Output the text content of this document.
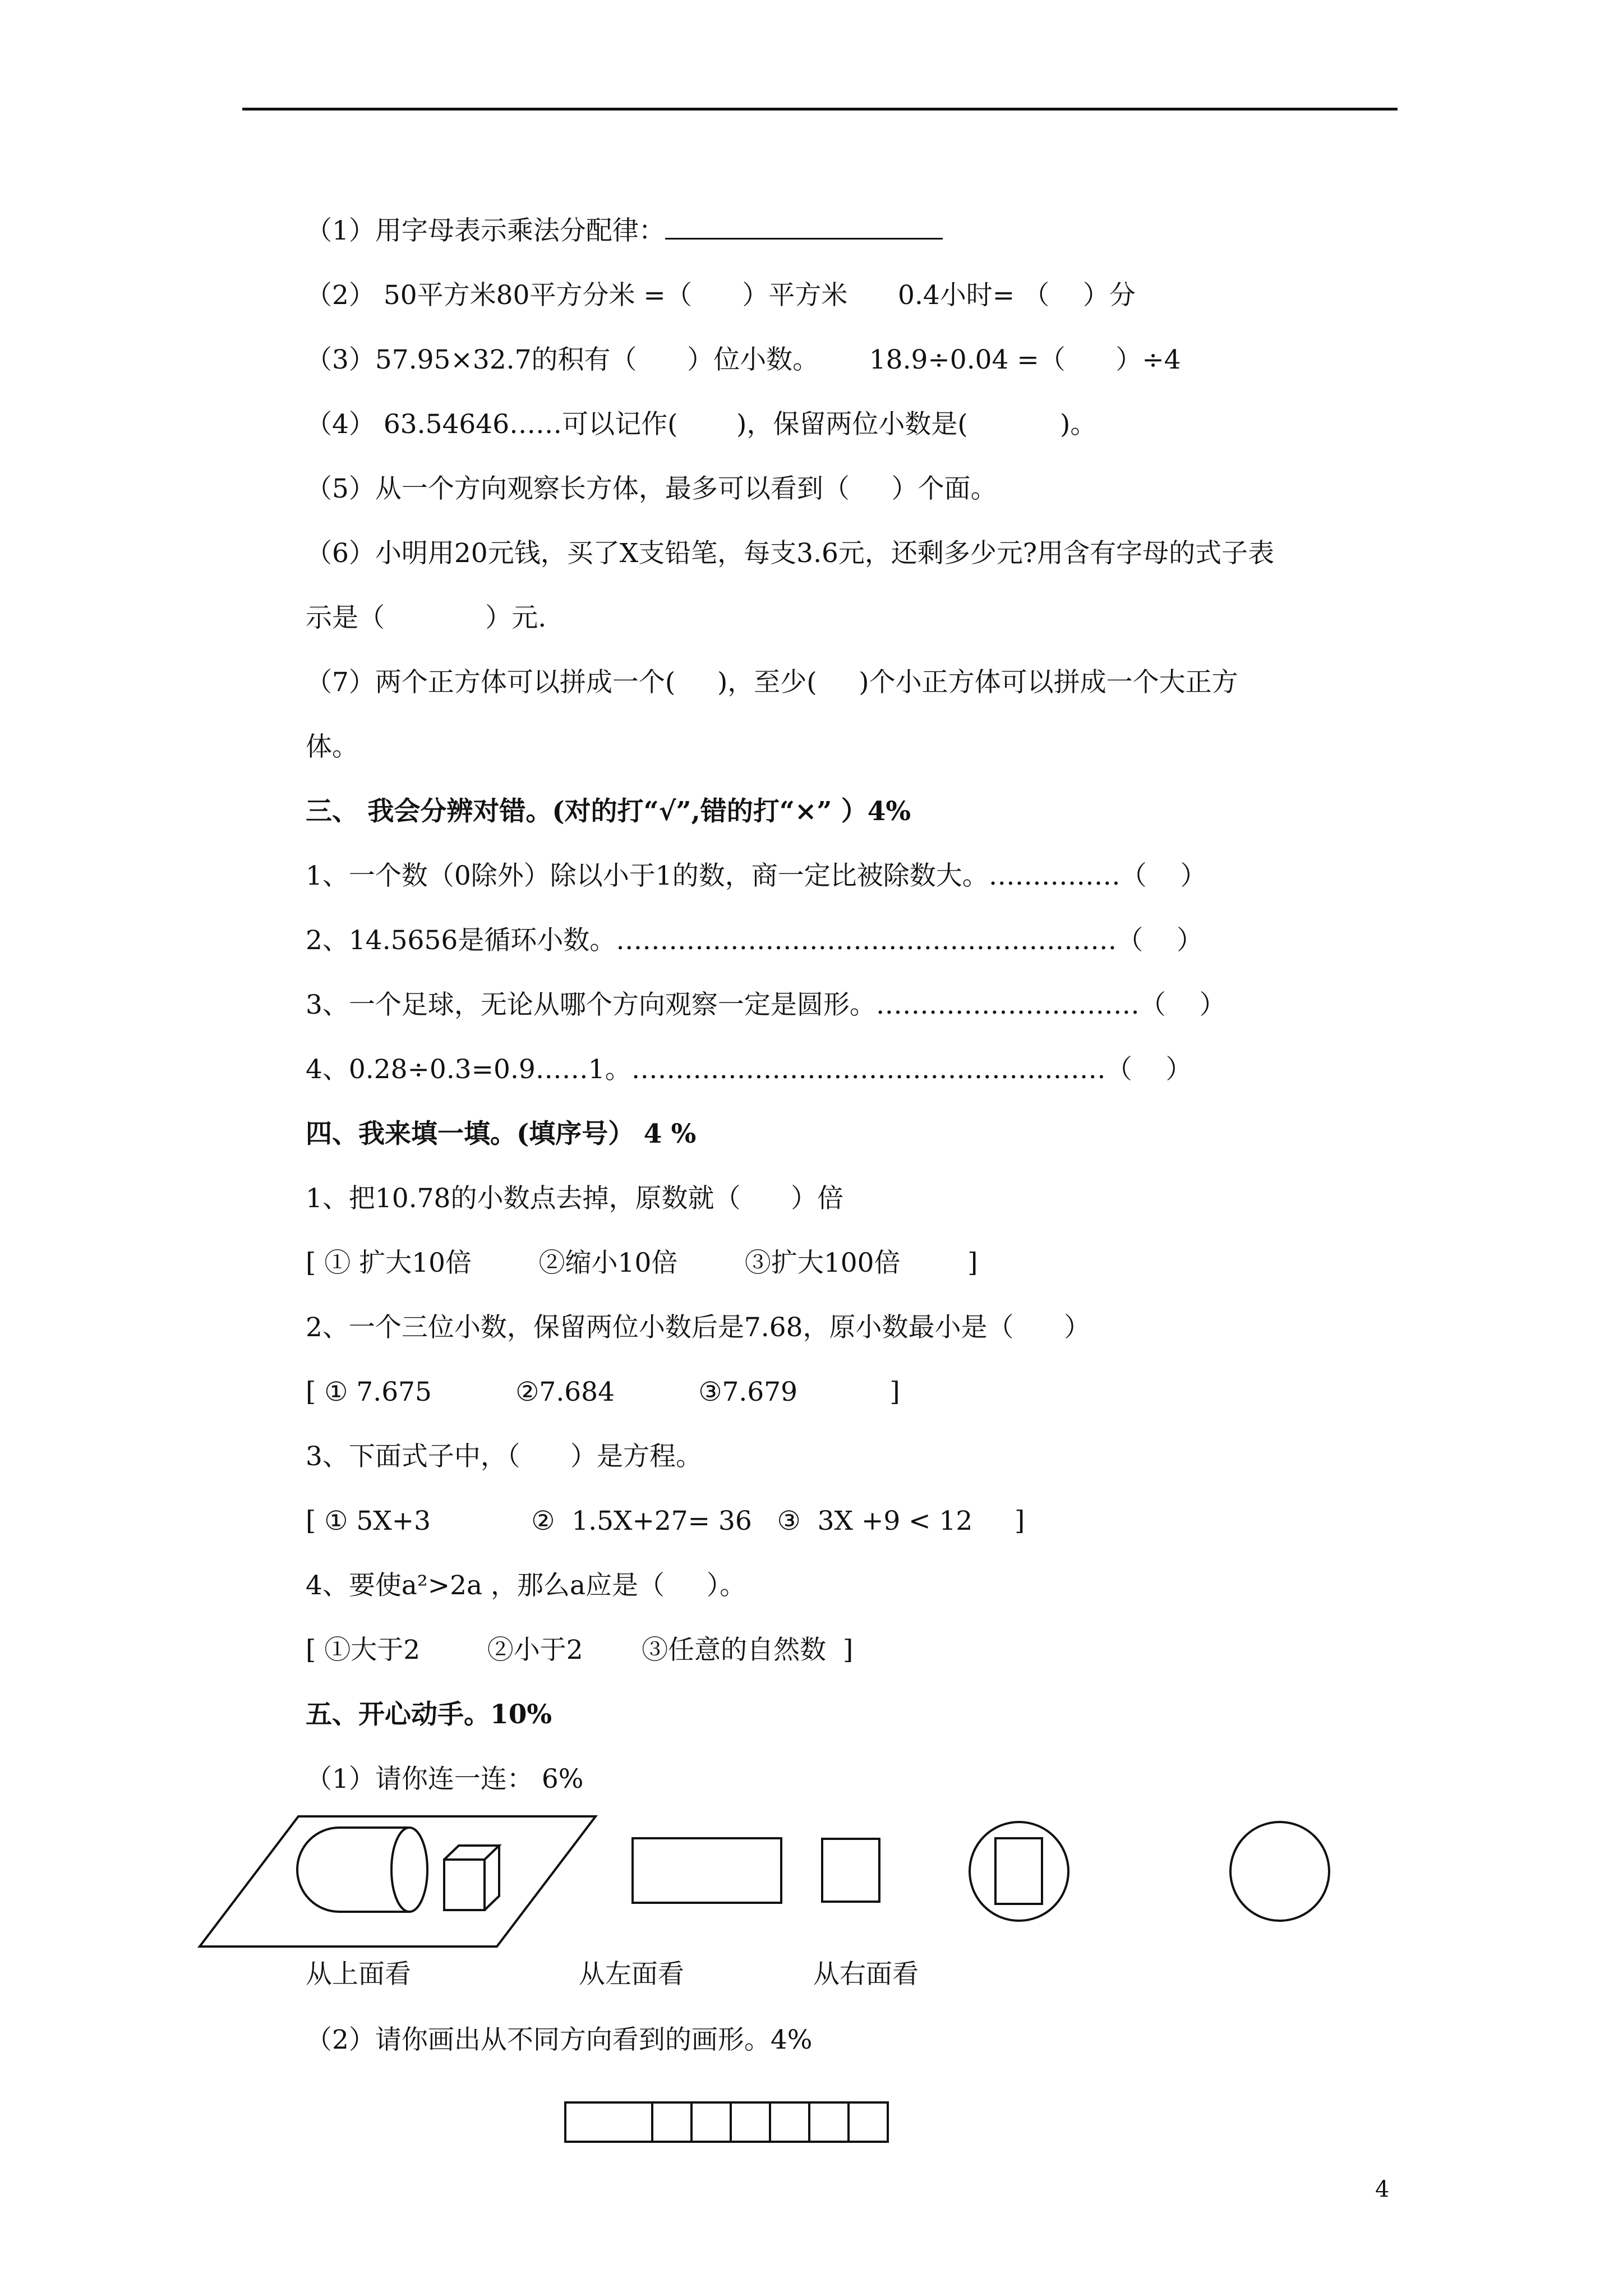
（1）用字母表示乘法分配律：

（2） 50平方米80平方分米 =（      ）平方米      0.4小时= （    ）分

（3）57.95×32.7的积有（      ）位小数。      18.9÷0.04 =（      ）÷4

（4） 63.54646……可以记作(       )，保留两位小数是(           )。

（5）从一个方向观察长方体，最多可以看到（     ）个面。

（6）小明用20元钱，买了X支铅笔，每支3.6元，还剩多少元?用含有字母的式子表

示是（            ）元.

（7）两个正方体可以拼成一个(     )，至少(     )个小正方体可以拼成一个大正方

体。

三、 我会分辨对错。(对的打“√”,错的打“×” ）4%

1、一个数（0除外）除以小于1的数，商一定比被除数大。……………（    ）

2、14.5656是循环小数。…………………………………………………（    ）

3、一个足球，无论从哪个方向观察一定是圆形。…………………………（    ）

4、0.28÷0.3=0.9……1。………………………………………………（    ）

四、我来填一填。(填序号） 4 %

1、把10.78的小数点去掉，原数就（      ）倍

[ ① 扩大10倍        ②缩小10倍        ③扩大100倍        ]

2、一个三位小数，保留两位小数后是7.68，原小数最小是（      ）

[ ① 7.675          ②7.684          ③7.679           ]

3、下面式子中，（      ）是方程。

[ ① 5X+3            ②  1.5X+27= 36   ③  3X +9 < 12     ]

4、要使a²>2a ，那么a应是（     ）。

[ ①大于2        ②小于2       ③任意的自然数  ]

五、开心动手。10%

（1）请你连一连： 6%

从上面看	从左面看	从右面看

（2）请你画出从不同方向看到的画形。4%

4
